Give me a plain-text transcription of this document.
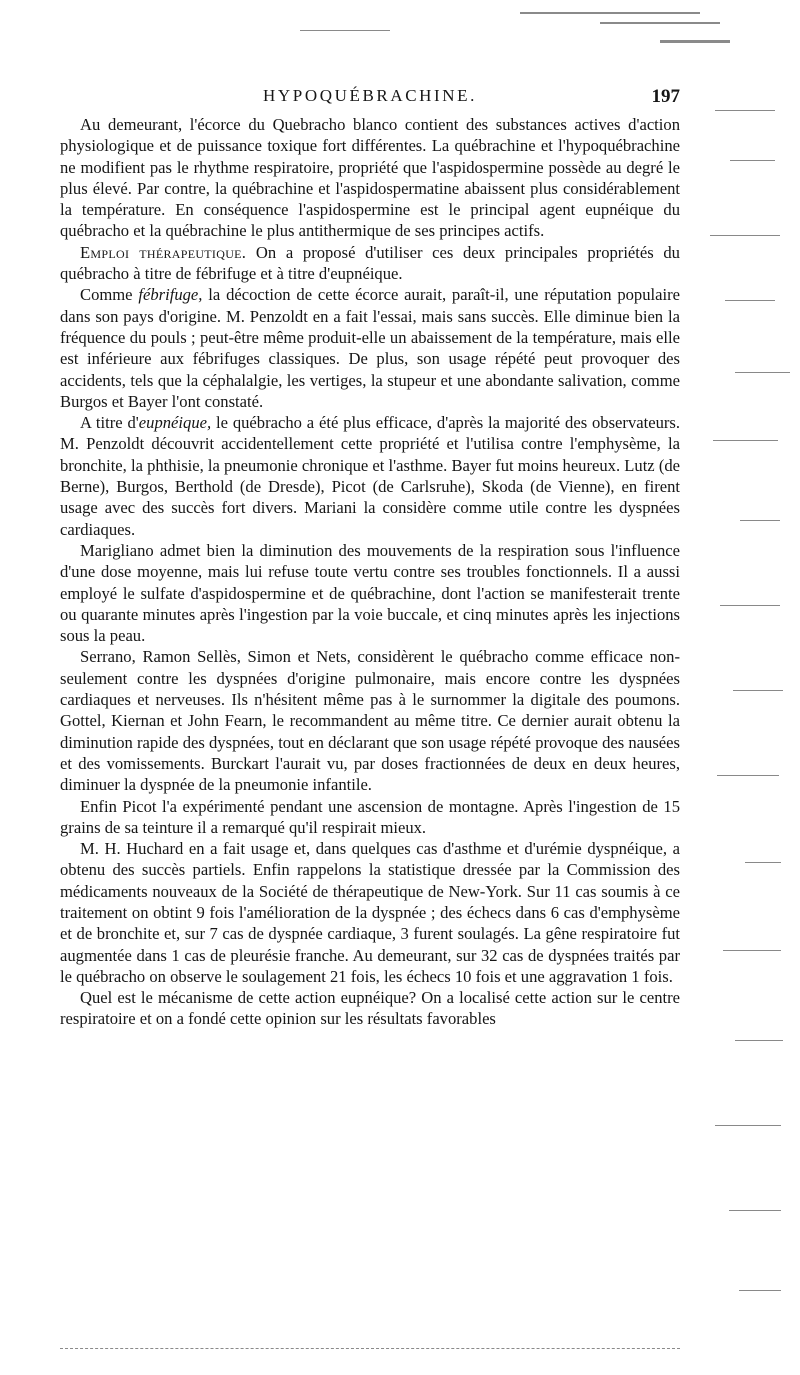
HYPOQUÉBRACHINE.	197

Au demeurant, l'écorce du Quebracho blanco contient des substances actives d'action physiologique et de puissance toxique fort différentes. La québrachine et l'hypoquébrachine ne modifient pas le rhythme respiratoire, propriété que l'aspidospermine possède au degré le plus élevé. Par contre, la québrachine et l'aspidospermatine abaissent plus considérablement la température. En conséquence l'aspidospermine est le principal agent eupnéique du québracho et la québrachine le plus antithermique de ses principes actifs.

Emploi thérapeutique. On a proposé d'utiliser ces deux principales propriétés du québracho à titre de fébrifuge et à titre d'eupnéique.

Comme fébrifuge, la décoction de cette écorce aurait, paraît-il, une réputation populaire dans son pays d'origine. M. Penzoldt en a fait l'essai, mais sans succès. Elle diminue bien la fréquence du pouls ; peut-être même produit-elle un abaissement de la température, mais elle est inférieure aux fébrifuges classiques. De plus, son usage répété peut provoquer des accidents, tels que la céphalalgie, les vertiges, la stupeur et une abondante salivation, comme Burgos et Bayer l'ont constaté.

A titre d'eupnéique, le québracho a été plus efficace, d'après la majorité des observateurs. M. Penzoldt découvrit accidentellement cette propriété et l'utilisa contre l'emphysème, la bronchite, la phthisie, la pneumonie chronique et l'asthme. Bayer fut moins heureux. Lutz (de Berne), Burgos, Berthold (de Dresde), Picot (de Carlsruhe), Skoda (de Vienne), en firent usage avec des succès fort divers. Mariani la considère comme utile contre les dyspnées cardiaques.

Marigliano admet bien la diminution des mouvements de la respiration sous l'influence d'une dose moyenne, mais lui refuse toute vertu contre ses troubles fonctionnels. Il a aussi employé le sulfate d'aspidospermine et de québrachine, dont l'action se manifesterait trente ou quarante minutes après l'ingestion par la voie buccale, et cinq minutes après les injections sous la peau.

Serrano, Ramon Sellès, Simon et Nets, considèrent le québracho comme efficace non-seulement contre les dyspnées d'origine pulmonaire, mais encore contre les dyspnées cardiaques et nerveuses. Ils n'hésitent même pas à le surnommer la digitale des poumons. Gottel, Kiernan et John Fearn, le recommandent au même titre. Ce dernier aurait obtenu la diminution rapide des dyspnées, tout en déclarant que son usage répété provoque des nausées et des vomissements. Burckart l'aurait vu, par doses fractionnées de deux en deux heures, diminuer la dyspnée de la pneumonie infantile.

Enfin Picot l'a expérimenté pendant une ascension de montagne. Après l'ingestion de 15 grains de sa teinture il a remarqué qu'il respirait mieux.

M. H. Huchard en a fait usage et, dans quelques cas d'asthme et d'urémie dyspnéique, a obtenu des succès partiels. Enfin rappelons la statistique dressée par la Commission des médicaments nouveaux de la Société de thérapeutique de New-York. Sur 11 cas soumis à ce traitement on obtint 9 fois l'amélioration de la dyspnée ; des échecs dans 6 cas d'emphysème et de bronchite et, sur 7 cas de dyspnée cardiaque, 3 furent soulagés. La gêne respiratoire fut augmentée dans 1 cas de pleurésie franche. Au demeurant, sur 32 cas de dyspnées traités par le québracho on observe le soulagement 21 fois, les échecs 10 fois et une aggravation 1 fois.

Quel est le mécanisme de cette action eupnéique? On a localisé cette action sur le centre respiratoire et on a fondé cette opinion sur les résultats favorables
